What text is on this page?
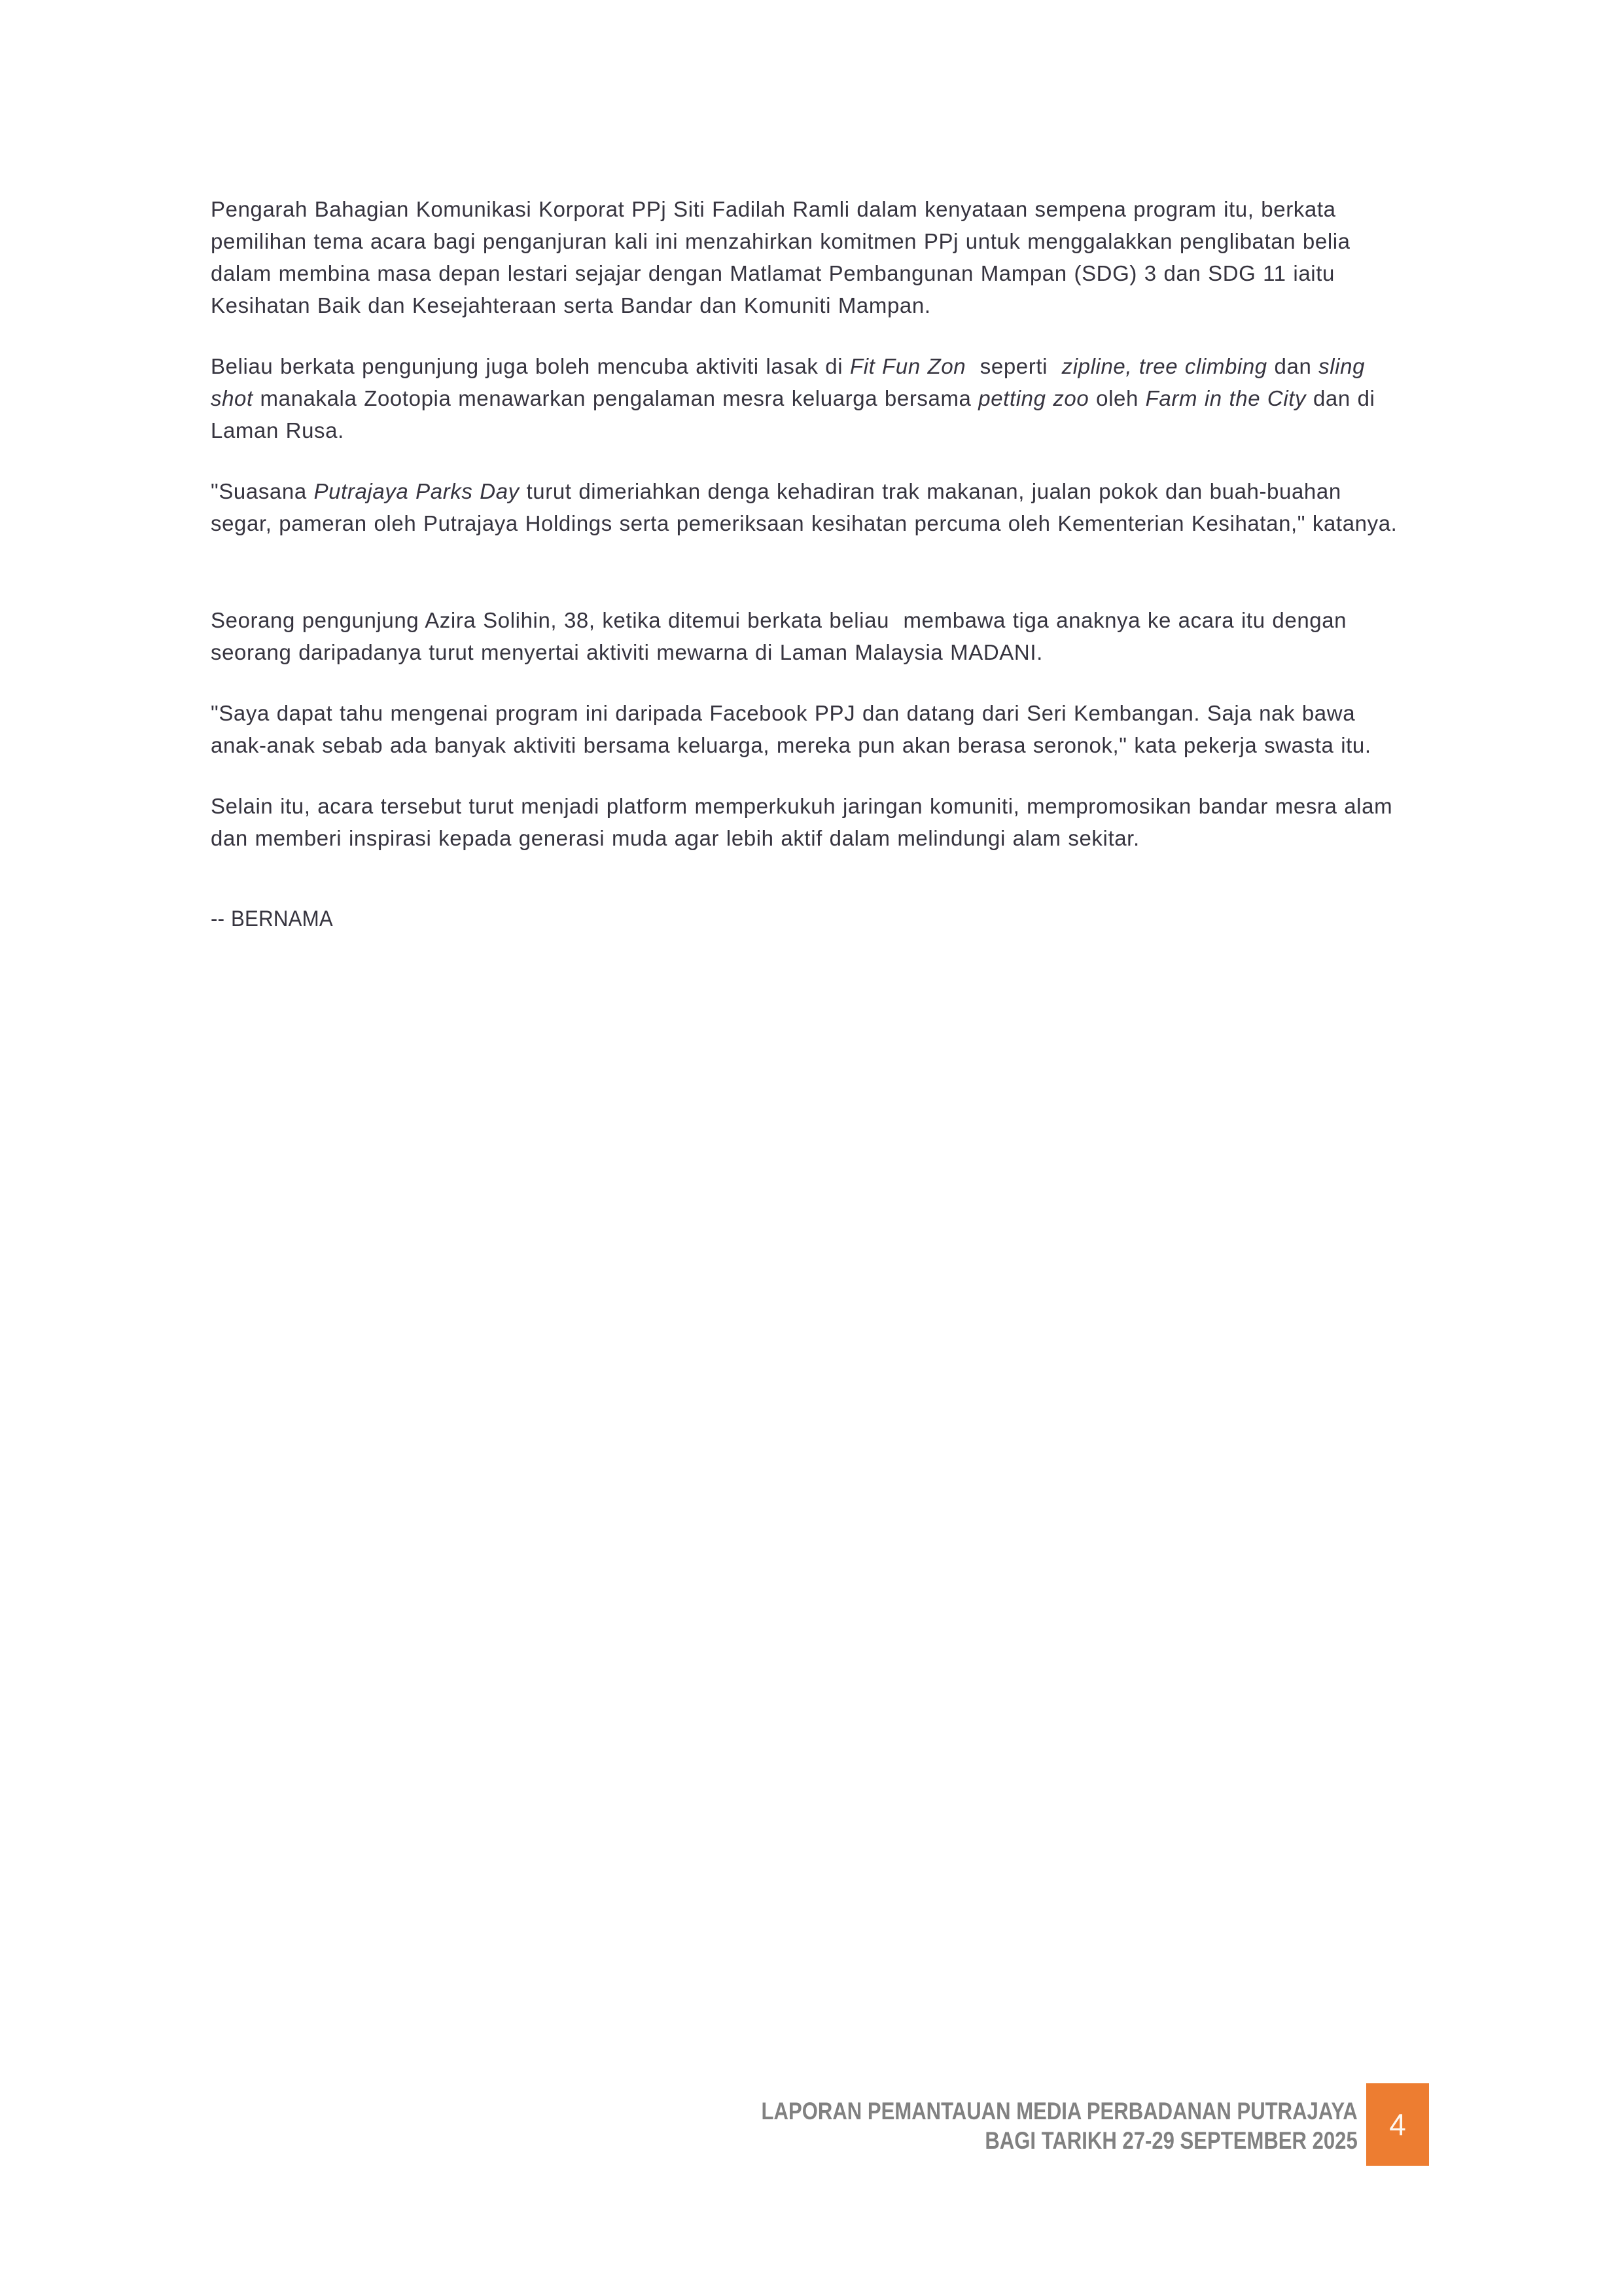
Pengarah Bahagian Komunikasi Korporat PPj Siti Fadilah Ramli dalam kenyataan sempena program itu, berkata pemilihan tema acara bagi penganjuran kali ini menzahirkan komitmen PPj untuk menggalakkan penglibatan belia dalam membina masa depan lestari sejajar dengan Matlamat Pembangunan Mampan (SDG) 3 dan SDG 11 iaitu Kesihatan Baik dan Kesejahteraan serta Bandar dan Komuniti Mampan.

Beliau berkata pengunjung juga boleh mencuba aktiviti lasak di Fit Fun Zon  seperti  zipline, tree climbing dan sling shot manakala Zootopia menawarkan pengalaman mesra keluarga bersama petting zoo oleh Farm in the City dan di Laman Rusa.

"Suasana Putrajaya Parks Day turut dimeriahkan denga kehadiran trak makanan, jualan pokok dan buah-buahan segar, pameran oleh Putrajaya Holdings serta pemeriksaan kesihatan percuma oleh Kementerian Kesihatan," katanya.

Seorang pengunjung Azira Solihin, 38, ketika ditemui berkata beliau  membawa tiga anaknya ke acara itu dengan seorang daripadanya turut menyertai aktiviti mewarna di Laman Malaysia MADANI.

"Saya dapat tahu mengenai program ini daripada Facebook PPJ dan datang dari Seri Kembangan. Saja nak bawa anak-anak sebab ada banyak aktiviti bersama keluarga, mereka pun akan berasa seronok," kata pekerja swasta itu.

Selain itu, acara tersebut turut menjadi platform memperkukuh jaringan komuniti, mempromosikan bandar mesra alam dan memberi inspirasi kepada generasi muda agar lebih aktif dalam melindungi alam sekitar.

-- BERNAMA
LAPORAN PEMANTAUAN MEDIA PERBADANAN PUTRAJAYA
BAGI TARIKH 27-29 SEPTEMBER 2025 4
